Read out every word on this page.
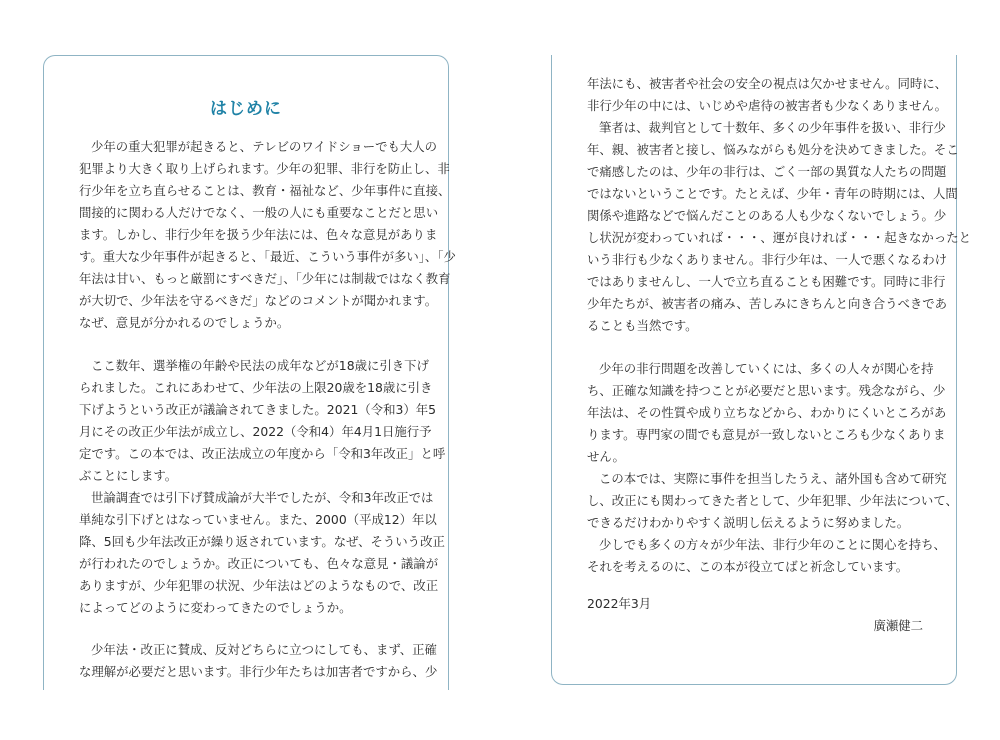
はじめに
少年の重大犯罪が起きると、テレビのワイドショーでも大人の
犯罪より大きく取り上げられます。少年の犯罪、非行を防止し、非
行少年を立ち直らせることは、教育・福祉など、少年事件に直接、
間接的に関わる人だけでなく、一般の人にも重要なことだと思い
ます。しかし、非行少年を扱う少年法には、色々な意見がありま
す。重大な少年事件が起きると、「最近、こういう事件が多い」、「少
年法は甘い、もっと厳罰にすべきだ」、「少年には制裁ではなく教育
が大切で、少年法を守るべきだ」などのコメントが聞かれます。
なぜ、意見が分かれるのでしょうか。
ここ数年、選挙権の年齢や民法の成年などが18歳に引き下げ
られました。これにあわせて、少年法の上限20歳を18歳に引き
下げようという改正が議論されてきました。2021（令和3）年5
月にその改正少年法が成立し、2022（令和4）年4月1日施行予
定です。この本では、改正法成立の年度から「令和3年改正」と呼
ぶことにします。
世論調査では引下げ賛成論が大半でしたが、令和3年改正では
単純な引下げとはなっていません。また、2000（平成12）年以
降、5回も少年法改正が繰り返されています。なぜ、そういう改正
が行われたのでしょうか。改正についても、色々な意見・議論が
ありますが、少年犯罪の状況、少年法はどのようなもので、改正
によってどのように変わってきたのでしょうか。
少年法・改正に賛成、反対どちらに立つにしても、まず、正確
な理解が必要だと思います。非行少年たちは加害者ですから、少
年法にも、被害者や社会の安全の視点は欠かせません。同時に、
非行少年の中には、いじめや虐待の被害者も少なくありません。
筆者は、裁判官として十数年、多くの少年事件を扱い、非行少
年、親、被害者と接し、悩みながらも処分を決めてきました。そこ
で痛感したのは、少年の非行は、ごく一部の異質な人たちの問題
ではないということです。たとえば、少年・青年の時期には、人間
関係や進路などで悩んだことのある人も少なくないでしょう。少
し状況が変わっていれば・・・、運が良ければ・・・起きなかったと
いう非行も少なくありません。非行少年は、一人で悪くなるわけ
ではありませんし、一人で立ち直ることも困難です。同時に非行
少年たちが、被害者の痛み、苦しみにきちんと向き合うべきであ
ることも当然です。
少年の非行問題を改善していくには、多くの人々が関心を持
ち、正確な知識を持つことが必要だと思います。残念ながら、少
年法は、その性質や成り立ちなどから、わかりにくいところがあ
ります。専門家の間でも意見が一致しないところも少なくありま
せん。
この本では、実際に事件を担当したうえ、諸外国も含めて研究
し、改正にも関わってきた者として、少年犯罪、少年法について、
できるだけわかりやすく説明し伝えるように努めました。
少しでも多くの方々が少年法、非行少年のことに関心を持ち、
それを考えるのに、この本が役立てばと祈念しています。
2022年3月
廣瀬健二
